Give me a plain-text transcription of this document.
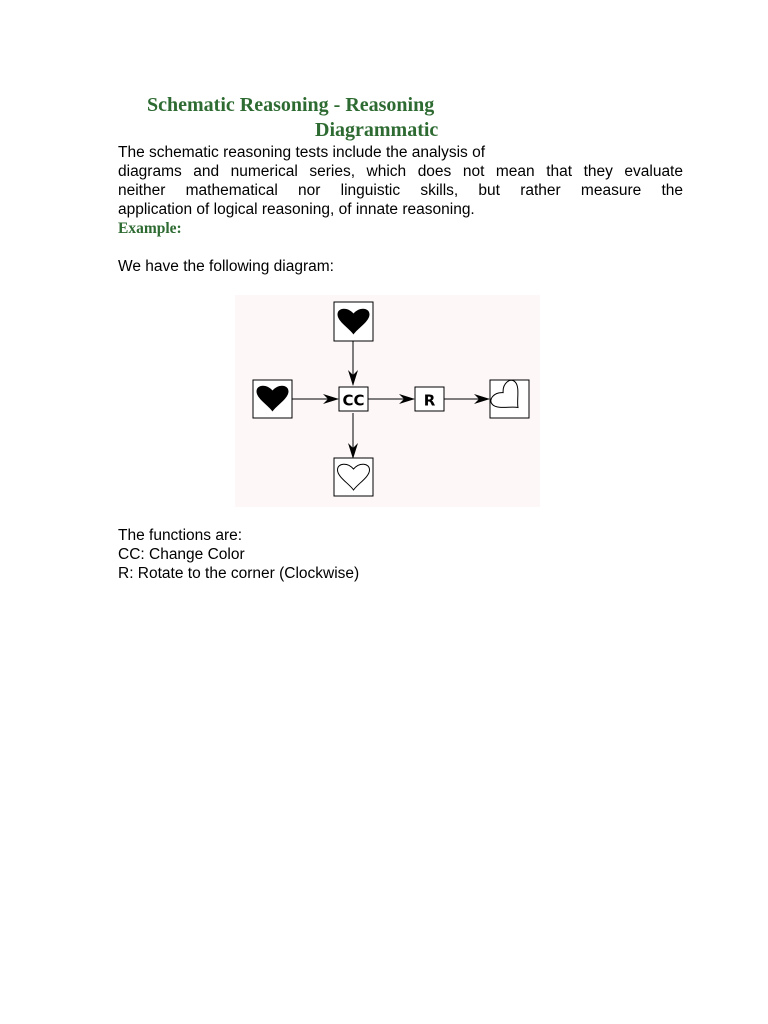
Schematic Reasoning - Reasoning
Diagrammatic
The schematic reasoning tests include the analysis of
diagrams and numerical series, which does not mean that they evaluate
neither mathematical nor linguistic skills, but rather measure the
application of logical reasoning, of innate reasoning.
Example:
We have the following diagram:
CC	R
The functions are:
CC: Change Color
R: Rotate to the corner (Clockwise)
